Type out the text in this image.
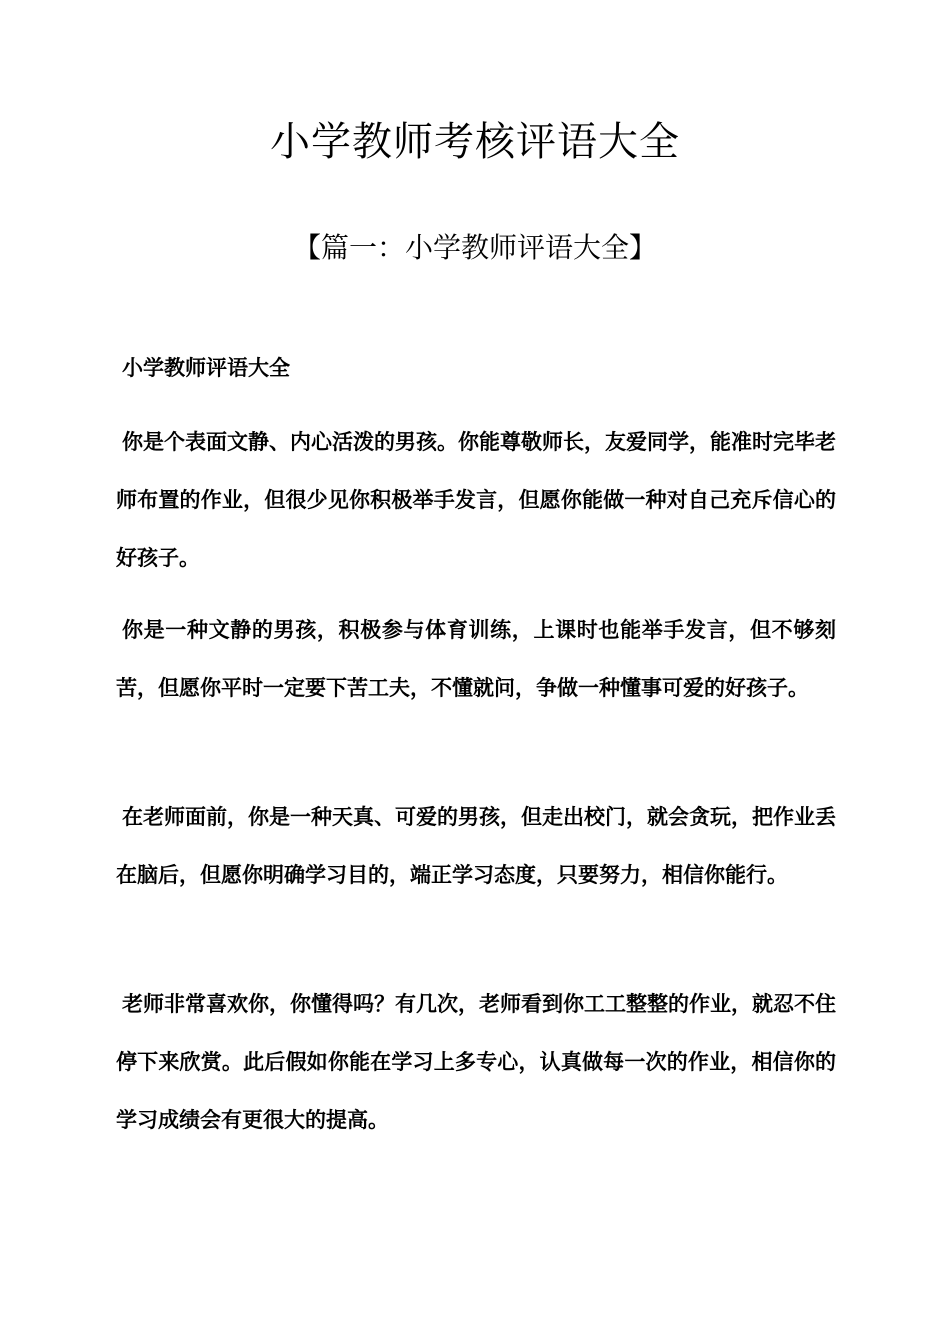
小学教师考核评语大全
【篇一：小学教师评语大全】
小学教师评语大全

你是个表面文静、内心活泼的男孩。你能尊敬师长，友爱同学，能准时完毕老师布置的作业，但很少见你积极举手发言，但愿你能做一种对自己充斥信心的好孩子。

你是一种文静的男孩，积极参与体育训练，上课时也能举手发言，但不够刻苦，但愿你平时一定要下苦工夫，不懂就问，争做一种懂事可爱的好孩子。

在老师面前，你是一种天真、可爱的男孩，但走出校门，就会贪玩，把作业丢在脑后，但愿你明确学习目的，端正学习态度，只要努力，相信你能行。

老师非常喜欢你，你懂得吗？有几次，老师看到你工工整整的作业，就忍不住停下来欣赏。此后假如你能在学习上多专心，认真做每一次的作业，相信你的学习成绩会有更很大的提高。
